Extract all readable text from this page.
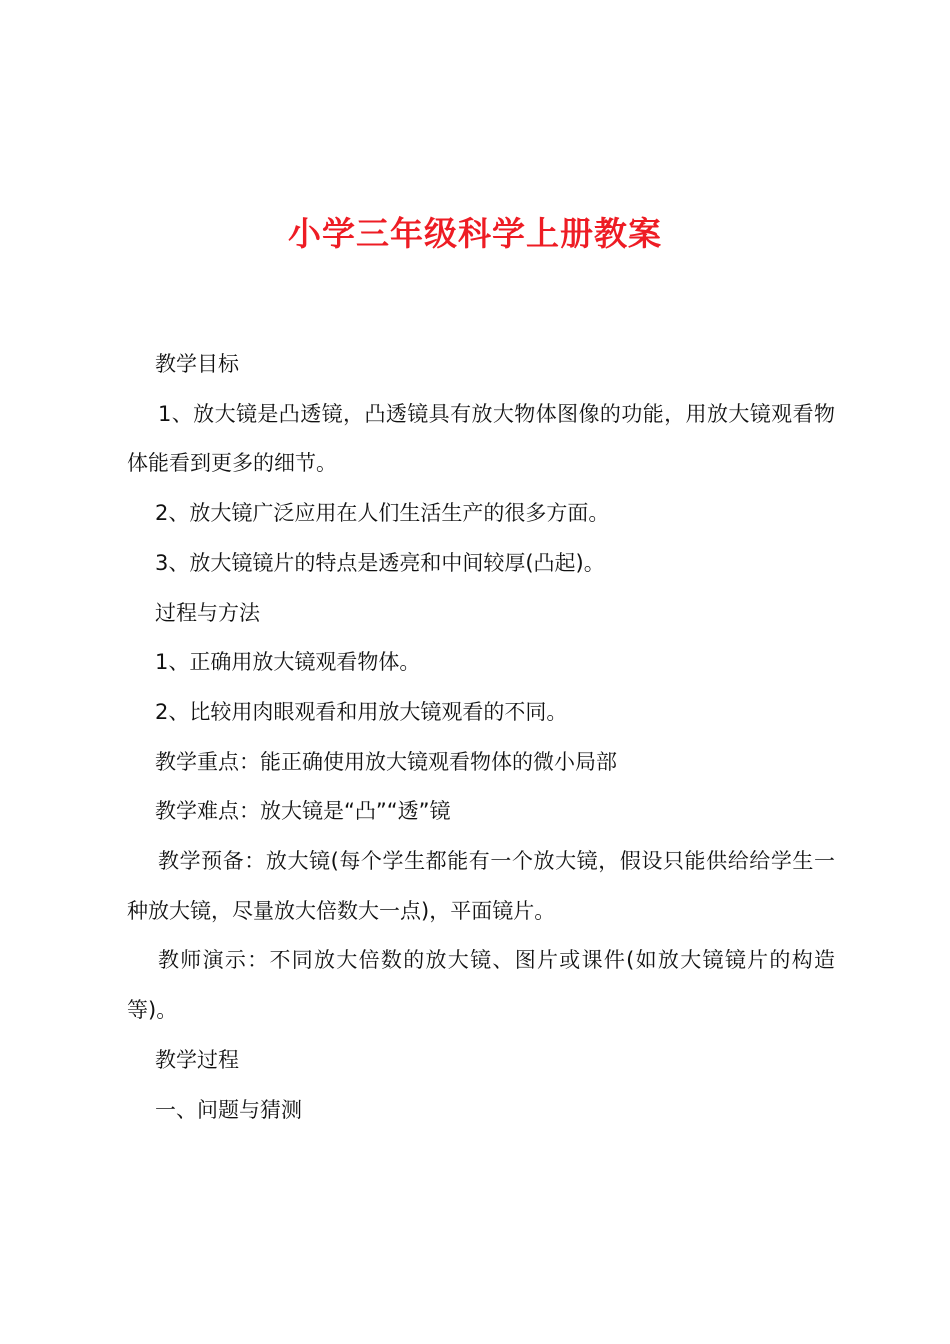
小学三年级科学上册教案

教学目标

1、放大镜是凸透镜，凸透镜具有放大物体图像的功能，用放大镜观看物体能看到更多的细节。

2、放大镜广泛应用在人们生活生产的很多方面。

3、放大镜镜片的特点是透亮和中间较厚(凸起)。

过程与方法

1、正确用放大镜观看物体。

2、比较用肉眼观看和用放大镜观看的不同。

教学重点：能正确使用放大镜观看物体的微小局部

教学难点：放大镜是“凸”“透”镜

教学预备：放大镜(每个学生都能有一个放大镜，假设只能供给给学生一种放大镜，尽量放大倍数大一点)，平面镜片。

教师演示：不同放大倍数的放大镜、图片或课件(如放大镜镜片的构造等)。

教学过程

一、问题与猜测
